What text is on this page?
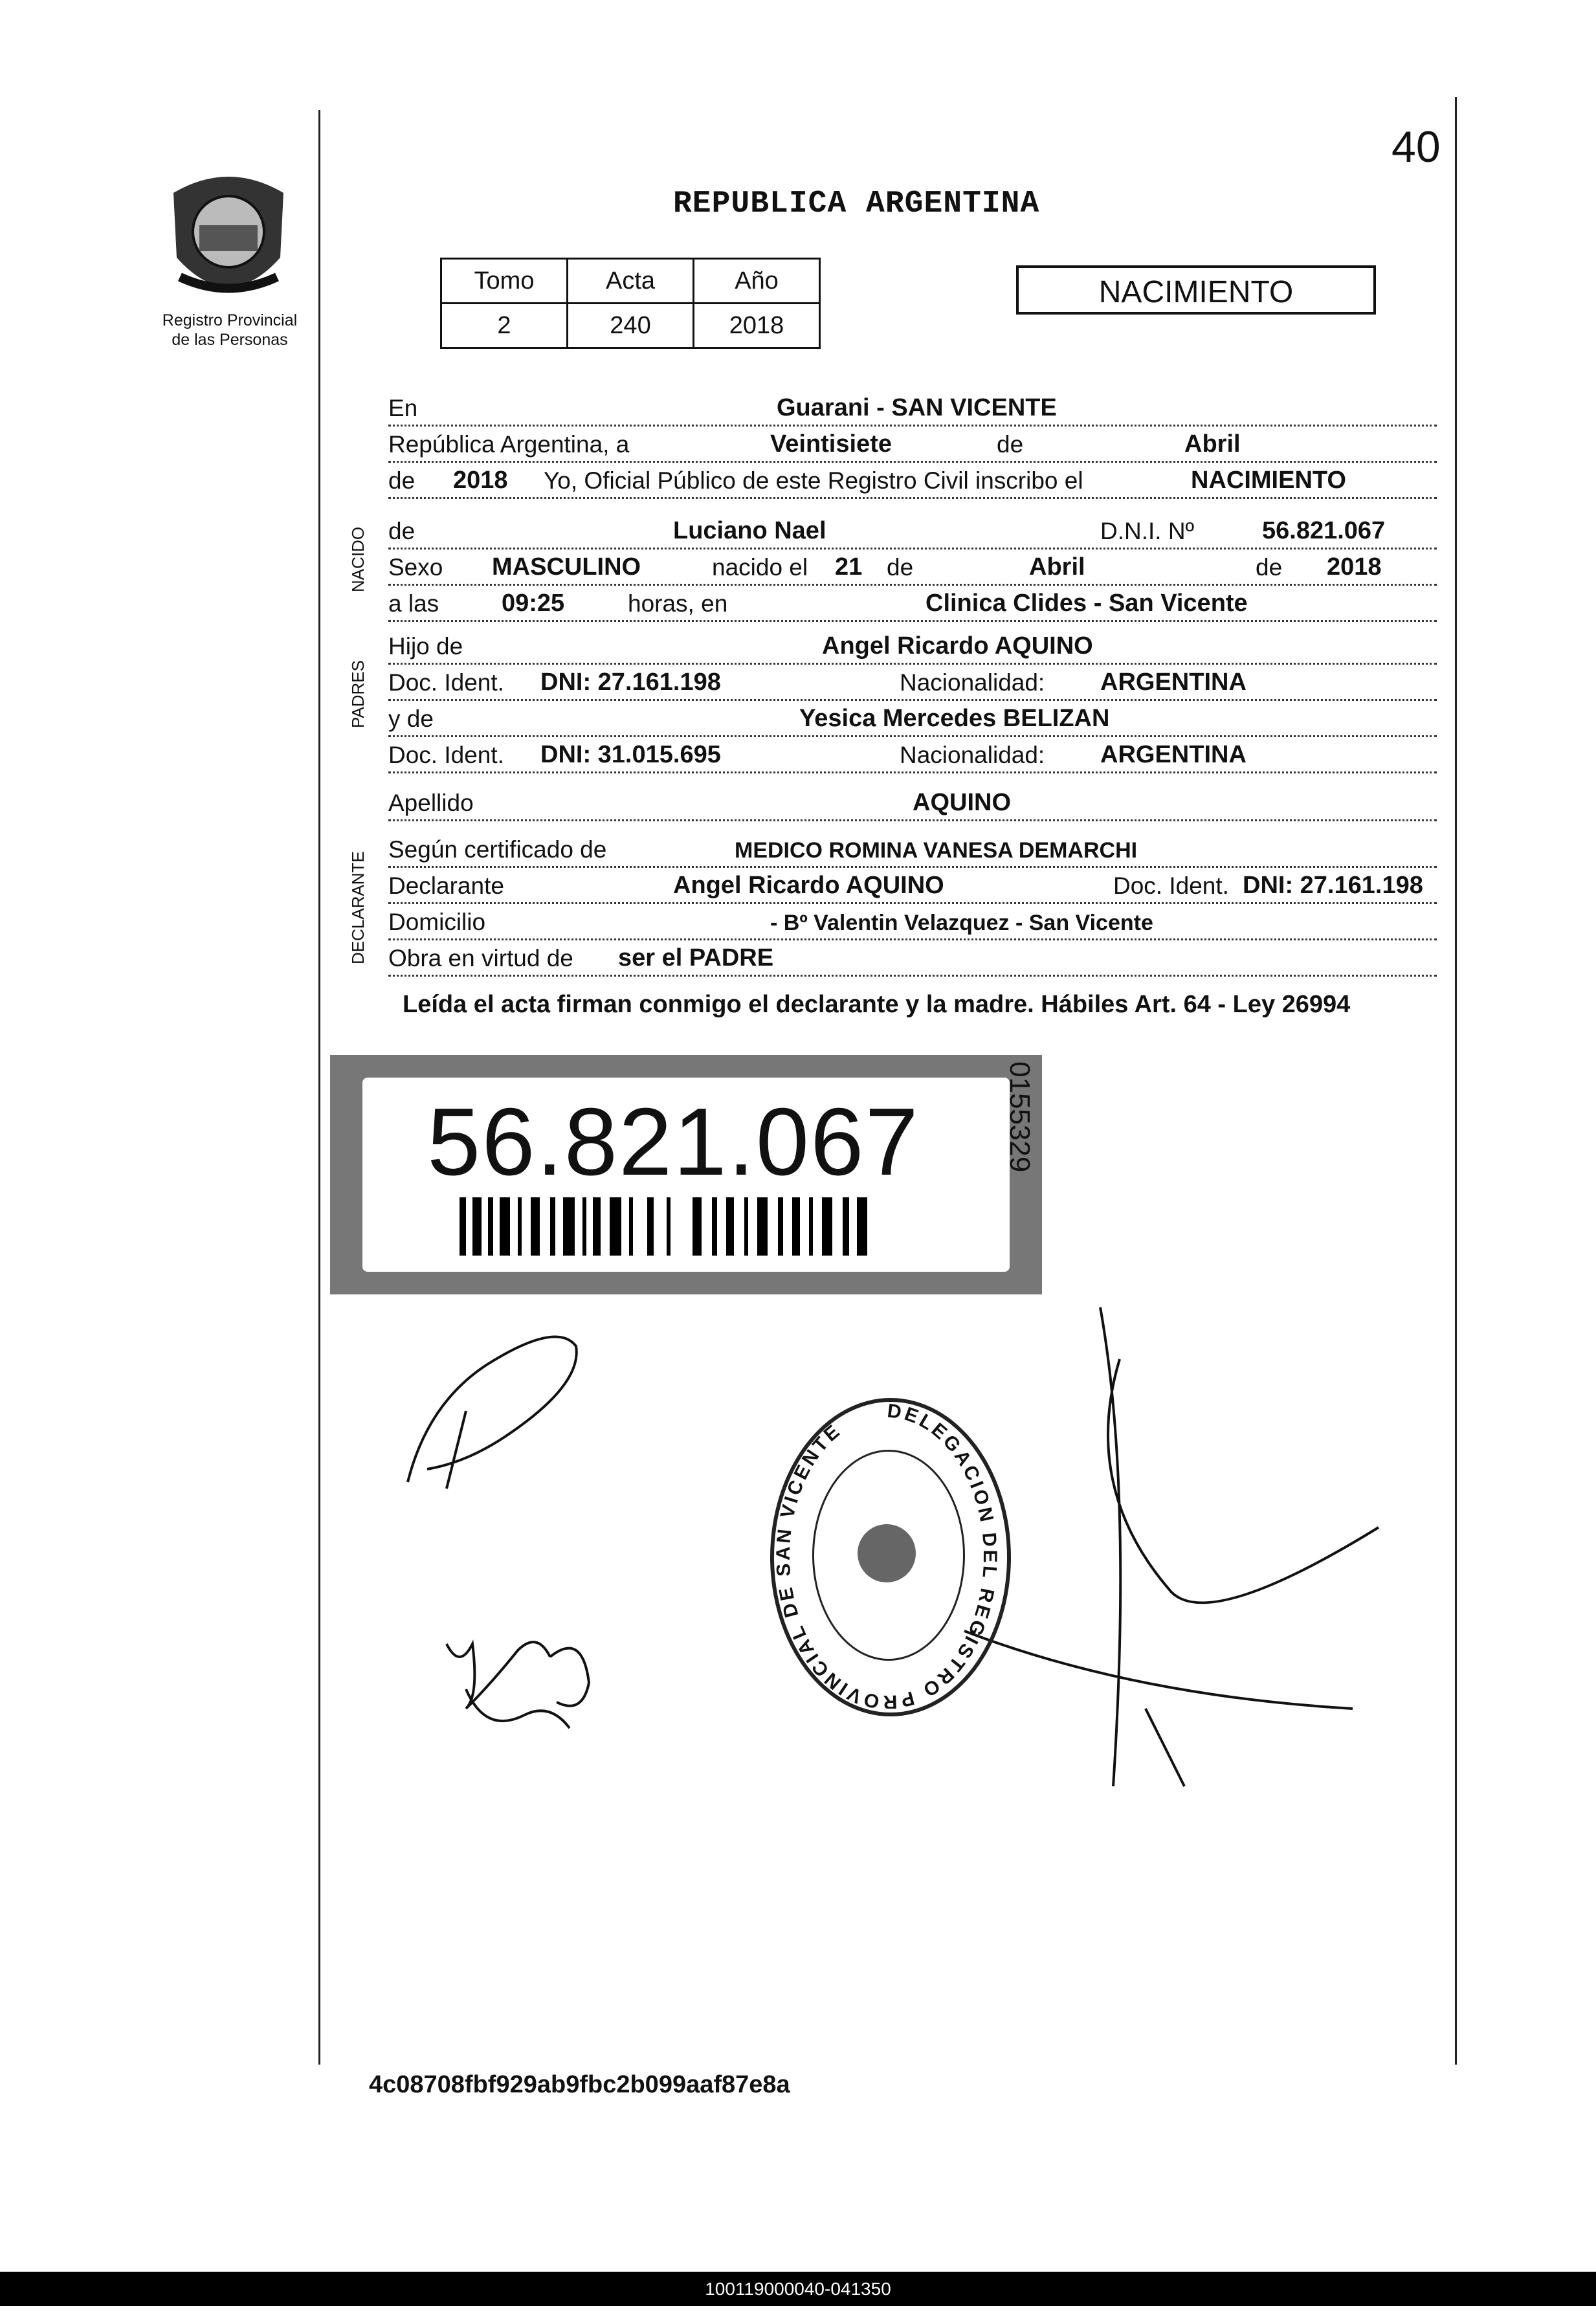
40
Registro Provincial
de las Personas
REPUBLICA ARGENTINA
Tomo	Acta	Año
2	240	2018
NACIMIENTO
En	Guarani - SAN VICENTE
República Argentina, a	Veintisiete	de	Abril
de 2018 Yo, Oficial Público de este Registro Civil inscribo el	NACIMIENTO
NACIDO de	Luciano Nael	D.N.I. Nº	56.821.067
Sexo MASCULINO	nacido el 21 de	Abril	de 2018
a las	09:25	horas, en	Clinica Clides - San Vicente
PADRES
Hijo de	Angel Ricardo AQUINO
Doc. Ident. DNI: 27.161.198	Nacionalidad: ARGENTINA
y de	Yesica Mercedes BELIZAN
Doc. Ident. DNI: 31.015.695	Nacionalidad: ARGENTINA
Apellido	AQUINO
DECLARANTE
Según certificado de	MEDICO ROMINA VANESA DEMARCHI
Declarante	Angel Ricardo AQUINO	Doc. Ident. DNI: 27.161.198
Domicilio	- Bº Valentin Velazquez - San Vicente
Obra en virtud de ser el PADRE
Leída el acta firman conmigo el declarante y la madre. Hábiles Art. 64 - Ley 26994
56.821.067	0155329
DELEGACION DEL REGISTRO PROVINCIAL DE SAN VICENTE
4c08708fbf929ab9fbc2b099aaf87e8a
100119000040-041350
